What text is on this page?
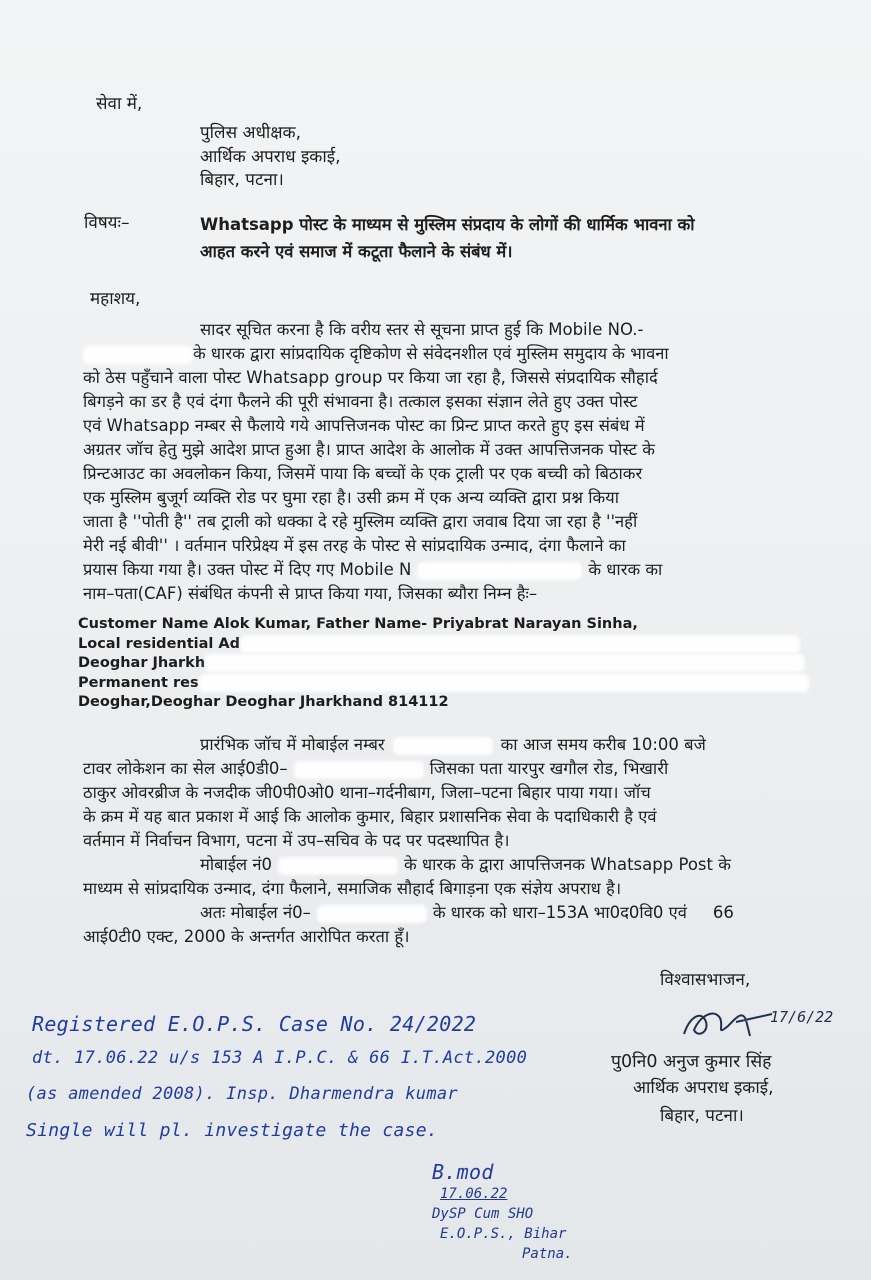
सेवा में,
पुलिस अधीक्षक,
आर्थिक अपराध इकाई,
बिहार, पटना।
विषयः–	Whatsapp पोस्ट के माध्यम से मुस्लिम संप्रदाय के लोगों की धार्मिक भावना को
आहत करने एवं समाज में कटूता फैलाने के संबंध में।
महाशय,

सादर सूचित करना है कि वरीय स्तर से सूचना प्राप्त हुई कि Mobile NO.-

के धारक द्वारा सांप्रदायिक दृष्टिकोण से संवेदनशील एवं मुस्लिम समुदाय के भावना

को ठेस पहुँचाने वाला पोस्ट Whatsapp group पर किया जा रहा है, जिससे संप्रदायिक सौहार्द

बिगड़ने का डर है एवं दंगा फैलने की पूरी संभावना है। तत्काल इसका संज्ञान लेते हुए उक्त पोस्ट

एवं Whatsapp नम्बर से फैलाये गये आपत्तिजनक पोस्ट का प्रिन्ट प्राप्त करते हुए इस संबंध में

अग्रतर जॉच हेतु मुझे आदेश प्राप्त हुआ है। प्राप्त आदेश के आलोक में उक्त आपत्तिजनक पोस्ट के

प्रिन्टआउट का अवलोकन किया, जिसमें पाया कि बच्चों के एक ट्राली पर एक बच्ची को बिठाकर

एक मुस्लिम बुजूर्ग व्यक्ति रोड पर घुमा रहा है। उसी क्रम में एक अन्य व्यक्ति द्वारा प्रश्न किया

जाता है ''पोती है'' तब ट्राली को धक्का दे रहे मुस्लिम व्यक्ति द्वारा जवाब दिया जा रहा है ''नहीं

मेरी नई बीवी'' । वर्तमान परिप्रेक्ष्य में इस तरह के पोस्ट से सांप्रदायिक उन्माद, दंगा फैलाने का

प्रयास किया गया है। उक्त पोस्ट में दिए गए Mobile N	के धारक का

नाम–पता(CAF) संबंधित कंपनी से प्राप्त किया गया, जिसका ब्यौरा निम्न हैः–

Customer Name Alok Kumar, Father Name- Priyabrat Narayan Sinha,

Local residential Ad

Deoghar Jharkh

Permanent res

Deoghar,Deoghar Deoghar Jharkhand 814112

प्रारंभिक जॉच में मोबाईल नम्बर	का आज समय करीब 10:00 बजे

टावर लोकेशन का सेल आई0डी0–	जिसका पता यारपुर खगौल रोड, भिखारी

ठाकुर ओवरब्रीज के नजदीक जी0पी0ओ0 थाना–गर्दनीबाग, जिला–पटना बिहार पाया गया। जॉच

के क्रम में यह बात प्रकाश में आई कि आलोक कुमार, बिहार प्रशासनिक सेवा के पदाधिकारी है एवं

वर्तमान में निर्वाचन विभाग, पटना में उप–सचिव के पद पर पदस्थापित है।

मोबाईल नं0	के धारक के द्वारा आपत्तिजनक Whatsapp Post के

माध्यम से सांप्रदायिक उन्माद, दंगा फैलाने, समाजिक सौहार्द बिगाड़ना एक संज्ञेय अपराध है।

अतः मोबाईल नं0–	के धारक को धारा–153A भा0द0वि0 एवं 66

आई0टी0 एक्ट, 2000 के अन्तर्गत आरोपित करता हूँ।

विश्वासभाजन,
17/6/22
पु0नि0 अनुज कुमार सिंह
आर्थिक अपराध इकाई,
बिहार, पटना।
Registered E.O.P.S. Case No. 24/2022
dt. 17.06.22 u/s 153 A I.P.C. & 66 I.T.Act.2000
(as amended 2008). Insp. Dharmendra kumar
Single will pl. investigate the case.
B.mod
17.06.22
DySP Cum SHO
E.O.P.S., Bihar
Patna.
